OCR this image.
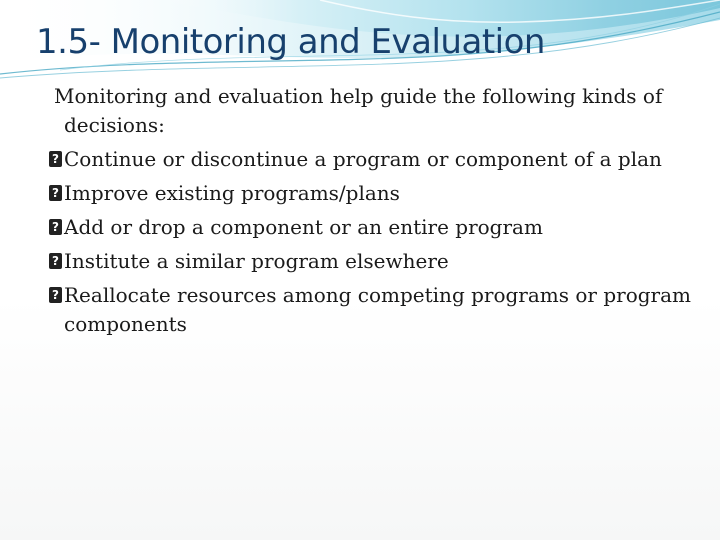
1.5- Monitoring and Evaluation

Monitoring and evaluation help guide the following kinds of decisions:

? Continue or discontinue a program or component of a plan
? Improve existing programs/plans
? Add or drop a component or an entire program
? Institute a similar program elsewhere
? Reallocate resources among competing programs or program components
